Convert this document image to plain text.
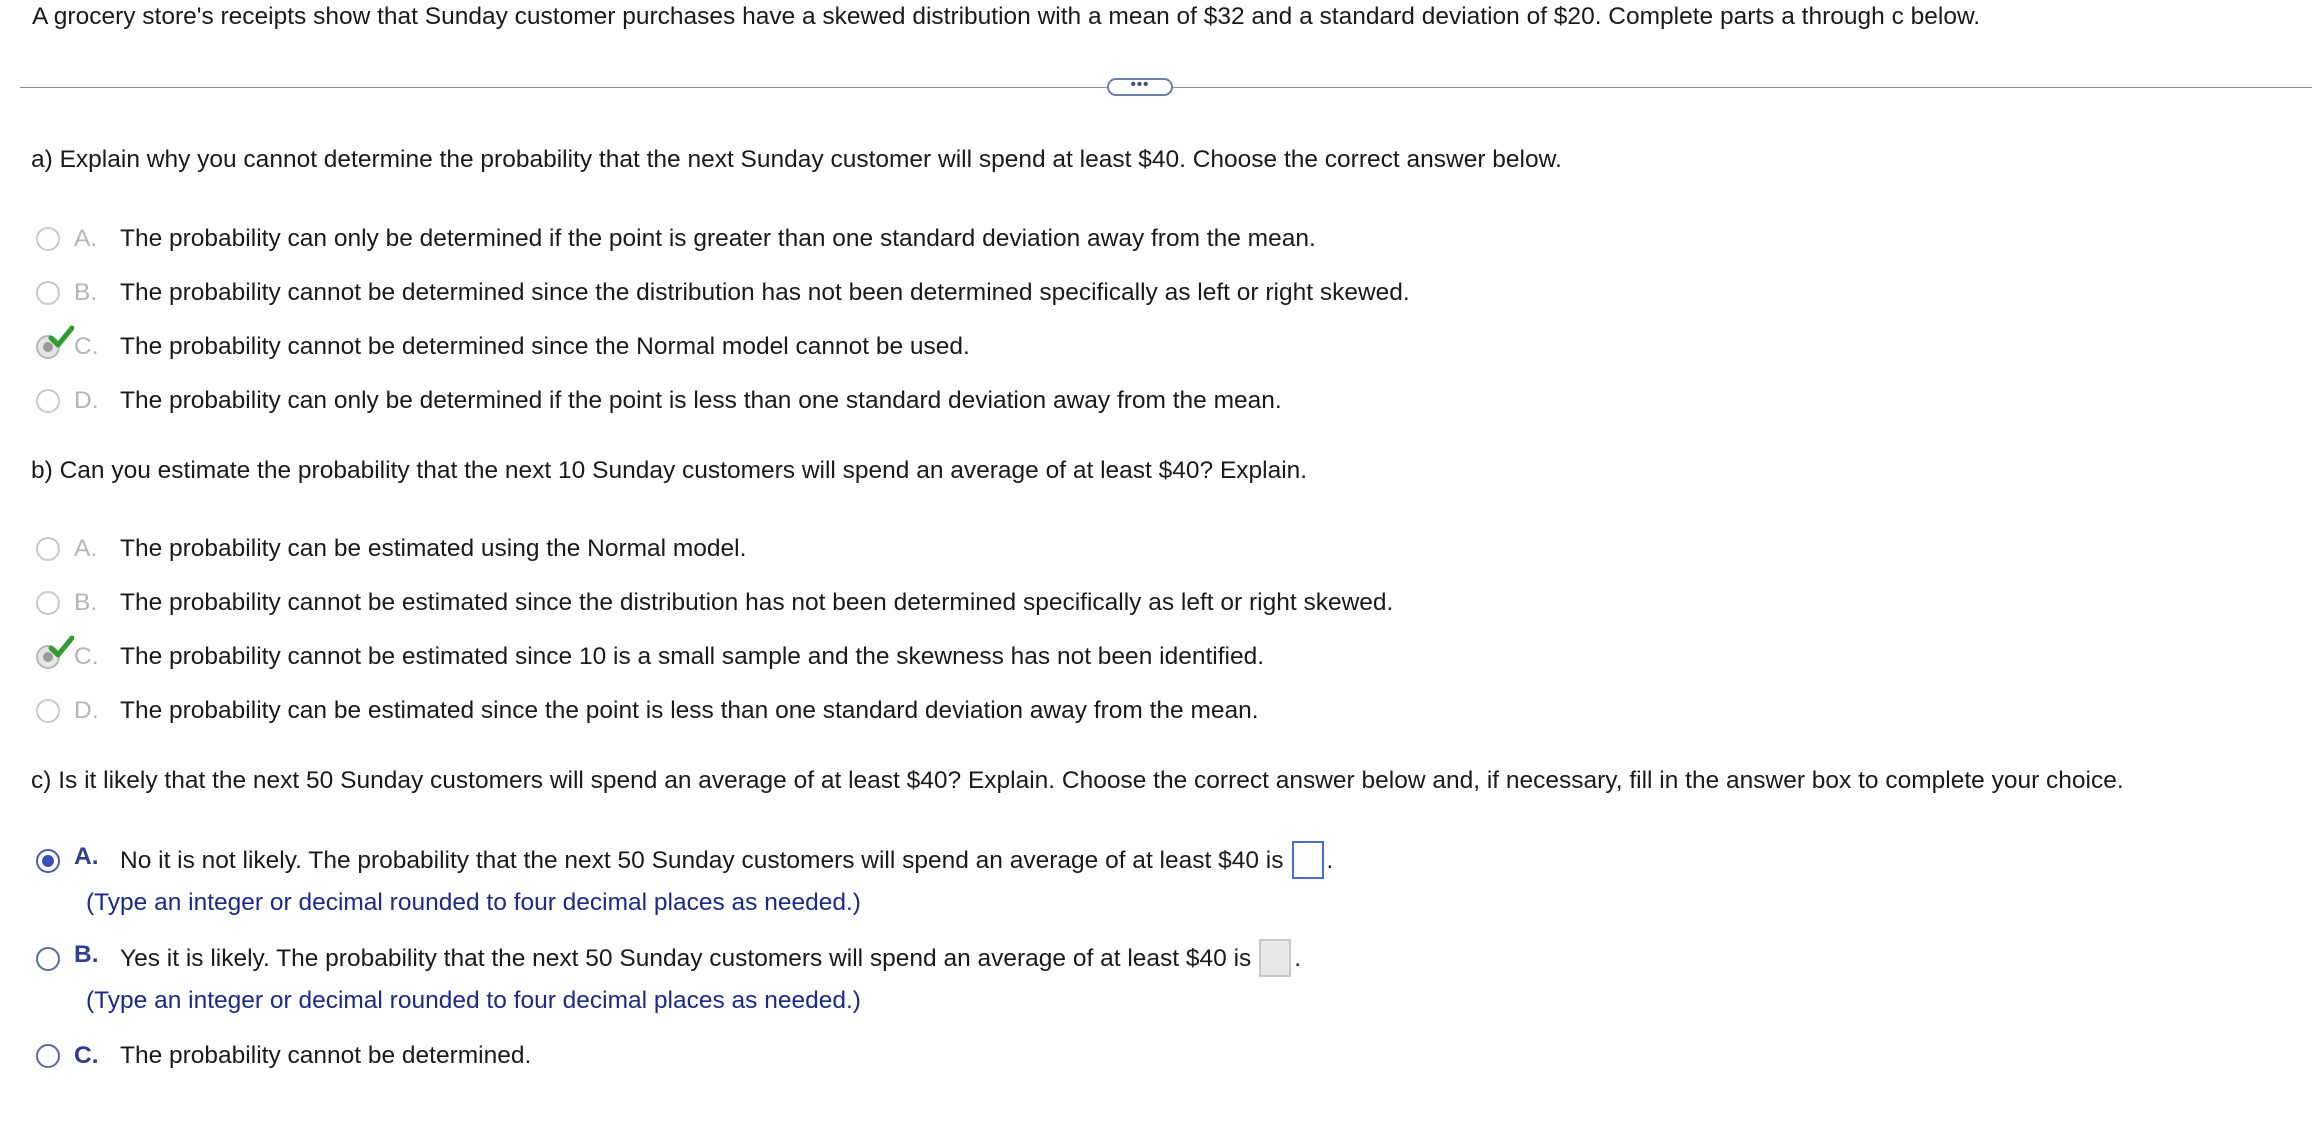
A grocery store's receipts show that Sunday customer purchases have a skewed distribution with a mean of $32 and a standard deviation of $20. Complete parts a through c below.
•••
a) Explain why you cannot determine the probability that the next Sunday customer will spend at least $40. Choose the correct answer below.
A. The probability can only be determined if the point is greater than one standard deviation away from the mean.
B. The probability cannot be determined since the distribution has not been determined specifically as left or right skewed.
C. The probability cannot be determined since the Normal model cannot be used.
D. The probability can only be determined if the point is less than one standard deviation away from the mean.
b) Can you estimate the probability that the next 10 Sunday customers will spend an average of at least $40? Explain.
A. The probability can be estimated using the Normal model.
B. The probability cannot be estimated since the distribution has not been determined specifically as left or right skewed.
C. The probability cannot be estimated since 10 is a small sample and the skewness has not been identified.
D. The probability can be estimated since the point is less than one standard deviation away from the mean.
c) Is it likely that the next 50 Sunday customers will spend an average of at least $40? Explain. Choose the correct answer below and, if necessary, fill in the answer box to complete your choice.
A. No it is not likely. The probability that the next 50 Sunday customers will spend an average of at least $40 is .
(Type an integer or decimal rounded to four decimal places as needed.)
B. Yes it is likely. The probability that the next 50 Sunday customers will spend an average of at least $40 is .
(Type an integer or decimal rounded to four decimal places as needed.)
C. The probability cannot be determined.
